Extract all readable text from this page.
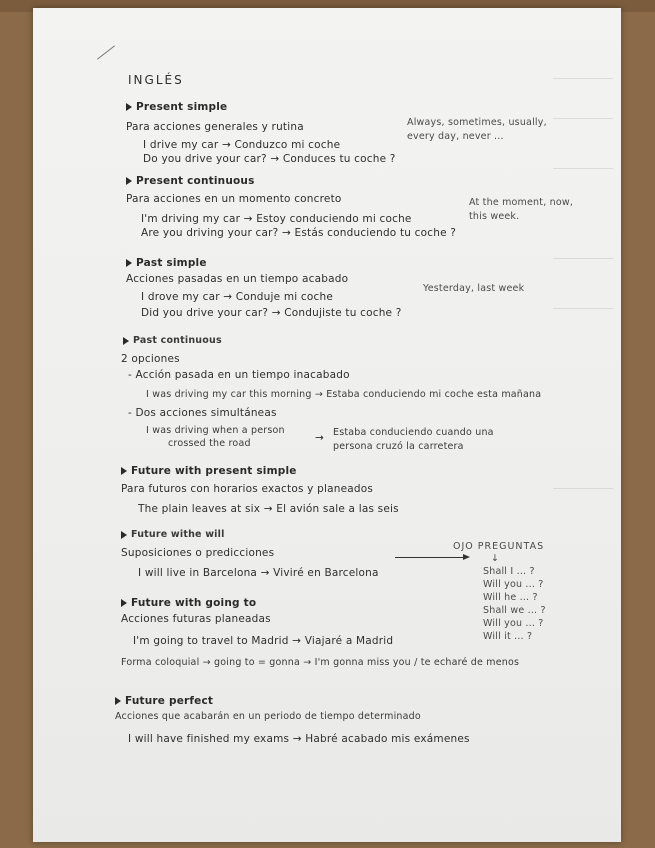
INGLÉS
Present simple
Para acciones generales y rutina
I drive my car → Conduzco mi coche
Do you drive your car? → Conduces tu coche ?
Always, sometimes, usually,
every day, never ...
Present continuous
Para acciones en un momento concreto
I'm driving my car → Estoy conduciendo mi coche
Are you driving your car? → Estás conduciendo tu coche ?
At the moment, now,
this week.
Past simple
Acciones pasadas en un tiempo acabado
I drove my car → Conduje mi coche
Did you drive your car? → Condujiste tu coche ?
Yesterday, last week
Past continuous
2 opciones
- Acción pasada en un tiempo inacabado
I was driving my car this morning → Estaba conduciendo mi coche esta mañana
- Dos acciones simultáneas
I was driving when a person
crossed the road	→ Estaba conduciendo cuando una
persona cruzó la carretera
Future with present simple
Para futuros con horarios exactos y planeados
The plain leaves at six → El avión sale a las seis
Future withe will
Suposiciones o predicciones
I will live in Barcelona → Viviré en Barcelona
OJO PREGUNTAS
↓
Shall I ... ?
Will you ... ?
Will he ... ?
Shall we ... ?
Will you ... ?
Will it ... ?
Future with going to
Acciones futuras planeadas
I'm going to travel to Madrid → Viajaré a Madrid
Forma coloquial → going to = gonna → I'm gonna miss you / te echaré de menos
Future perfect
Acciones que acabarán en un periodo de tiempo determinado
I will have finished my exams → Habré acabado mis exámenes
